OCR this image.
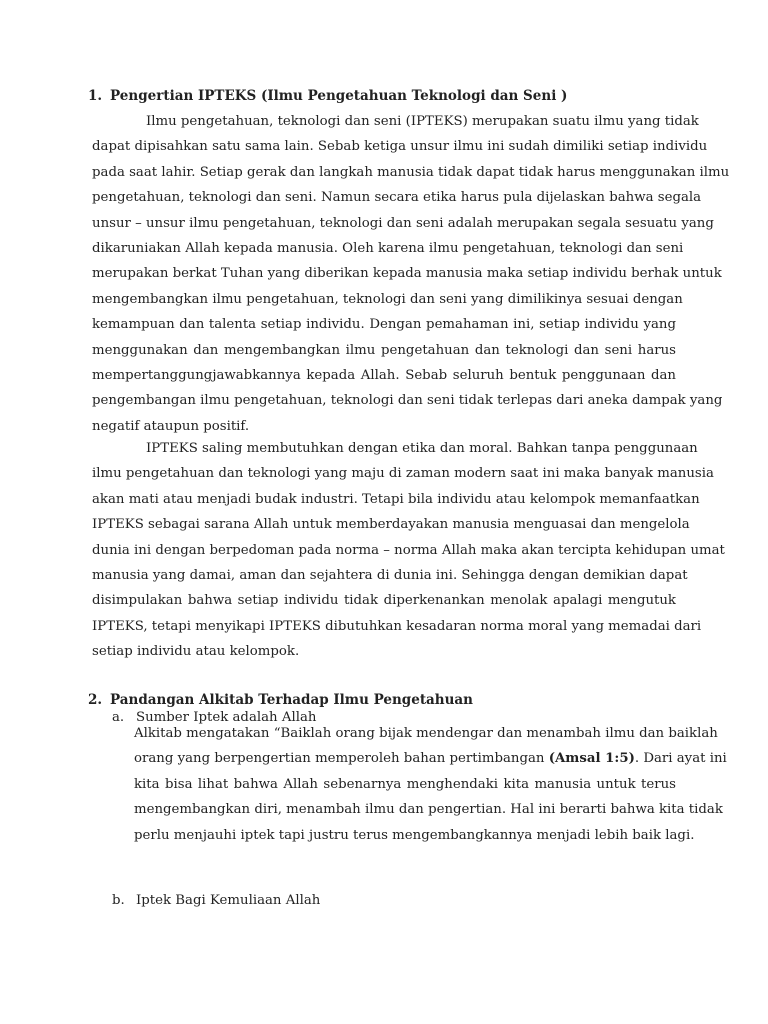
1. Pengertian IPTEKS (Ilmu Pengetahuan Teknologi dan Seni )
Ilmu pengetahuan, teknologi dan seni (IPTEKS) merupakan suatu ilmu yang tidak
dapat dipisahkan satu sama lain. Sebab ketiga unsur ilmu ini sudah dimiliki setiap individu
pada saat lahir. Setiap gerak dan langkah manusia tidak dapat tidak harus menggunakan ilmu
pengetahuan, teknologi dan seni. Namun secara etika harus pula dijelaskan bahwa segala
unsur – unsur ilmu pengetahuan, teknologi dan seni adalah merupakan segala sesuatu yang
dikaruniakan Allah kepada manusia. Oleh karena ilmu pengetahuan, teknologi dan seni
merupakan berkat Tuhan yang diberikan kepada manusia maka setiap individu berhak untuk
mengembangkan ilmu pengetahuan, teknologi dan seni yang dimilikinya sesuai dengan
kemampuan dan talenta setiap individu. Dengan pemahaman ini, setiap individu yang
menggunakan dan mengembangkan ilmu pengetahuan dan teknologi dan seni harus
mempertanggungjawabkannya kepada Allah. Sebab seluruh bentuk penggunaan dan
pengembangan ilmu pengetahuan, teknologi dan seni tidak terlepas dari aneka dampak yang
negatif ataupun positif.
IPTEKS saling membutuhkan dengan etika dan moral. Bahkan tanpa penggunaan
ilmu pengetahuan dan teknologi yang maju di zaman modern saat ini maka banyak manusia
akan mati atau menjadi budak industri. Tetapi bila individu atau kelompok memanfaatkan
IPTEKS sebagai sarana Allah untuk memberdayakan manusia menguasai dan mengelola
dunia ini dengan berpedoman pada norma – norma Allah maka akan tercipta kehidupan umat
manusia yang damai, aman dan sejahtera di dunia ini. Sehingga dengan demikian dapat
disimpulakan bahwa setiap individu tidak diperkenankan menolak apalagi mengutuk
IPTEKS, tetapi menyikapi IPTEKS dibutuhkan kesadaran norma moral yang memadai dari
setiap individu atau kelompok.
2. Pandangan Alkitab Terhadap Ilmu Pengetahuan
a. Sumber Iptek adalah Allah
Alkitab mengatakan “Baiklah orang bijak mendengar dan menambah ilmu dan baiklah
orang yang berpengertian memperoleh bahan pertimbangan (Amsal 1:5). Dari ayat ini
kita bisa lihat bahwa Allah sebenarnya menghendaki kita manusia untuk terus
mengembangkan diri, menambah ilmu dan pengertian. Hal ini berarti bahwa kita tidak
perlu menjauhi iptek tapi justru terus mengembangkannya menjadi lebih baik lagi.
b. Iptek Bagi Kemuliaan Allah
